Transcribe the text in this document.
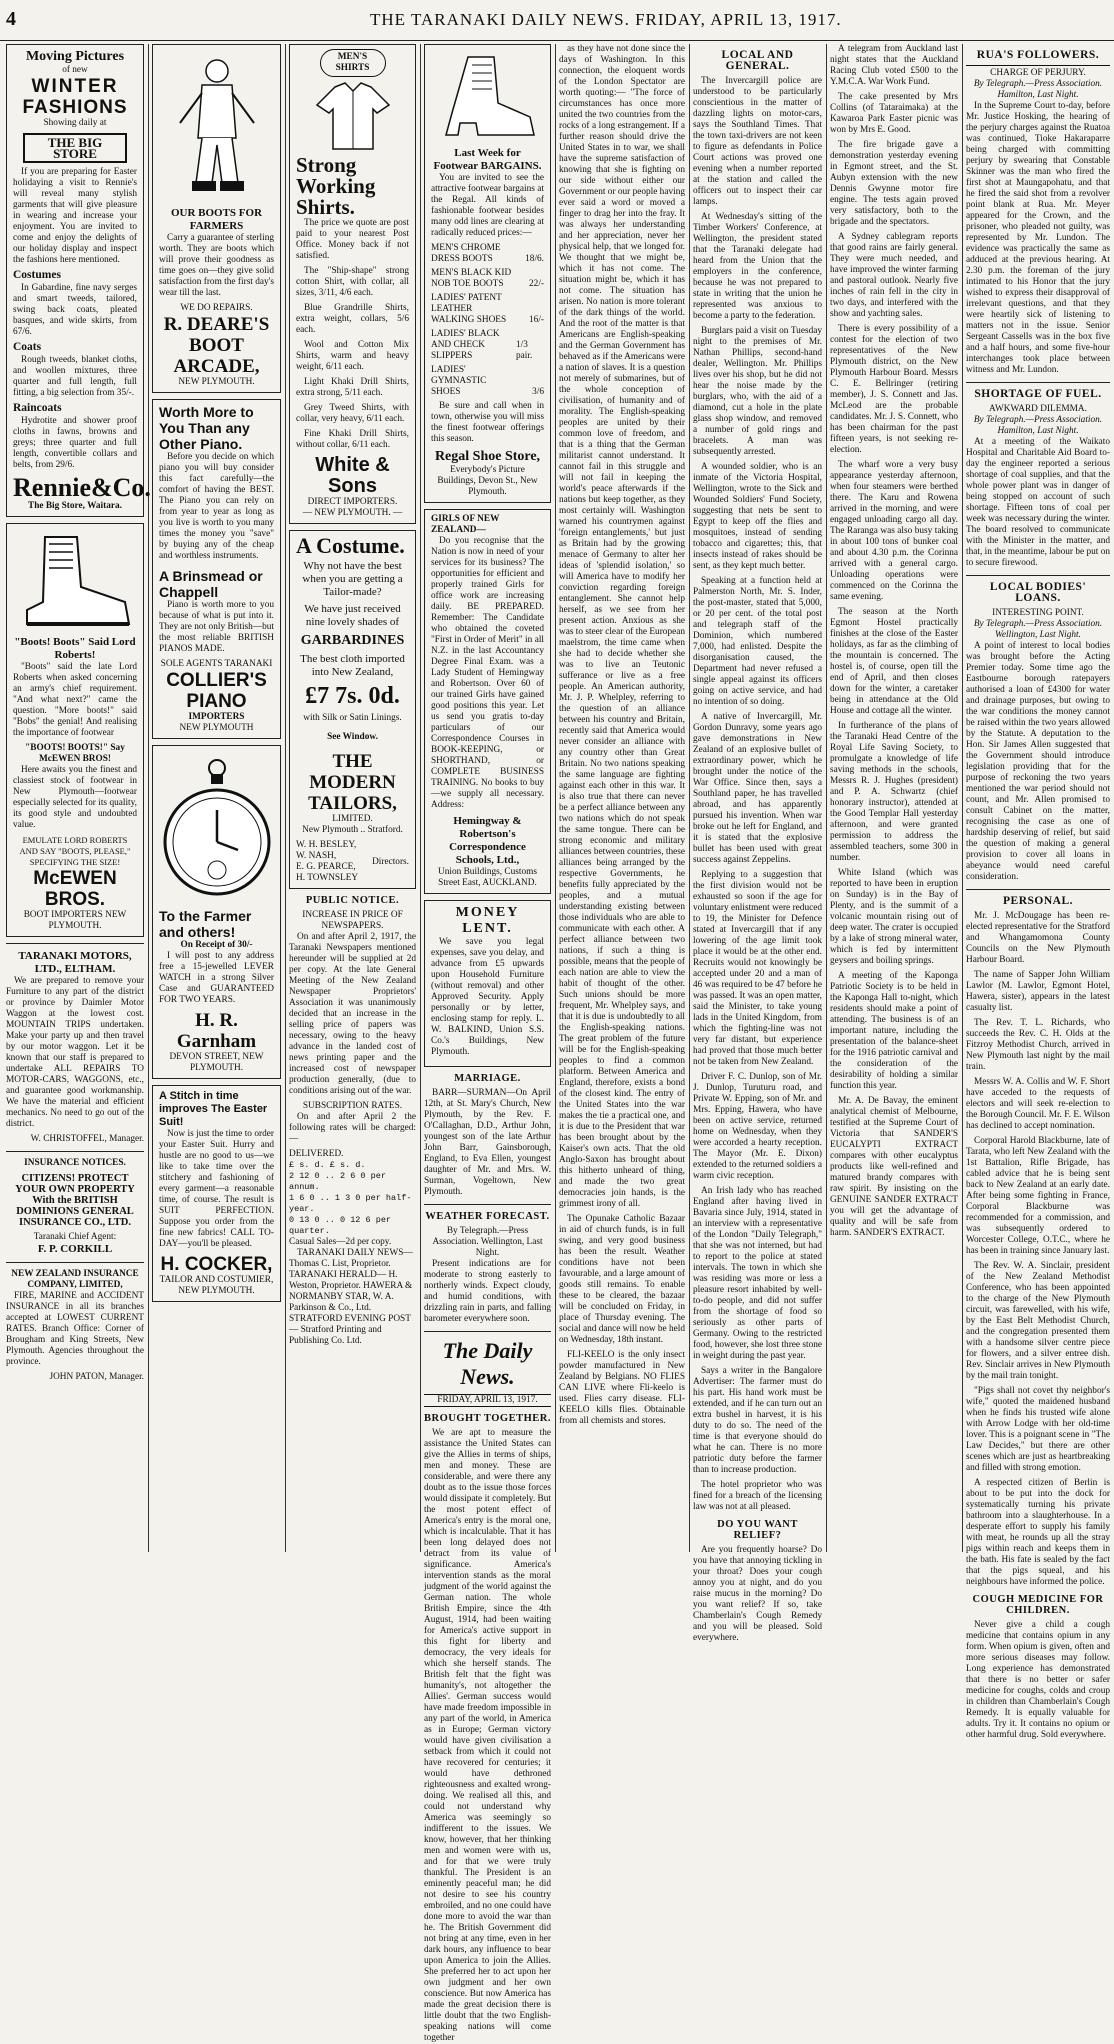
4	THE TARANAKI DAILY NEWS. FRIDAY, APRIL 13, 1917.
Moving Pictures
of new
WINTER
FASHIONS
Showing daily at
THE BIG STORE

If you are preparing for Easter holidaying a visit to Rennie's will reveal many stylish garments that will give pleasure in wearing and increase your enjoyment. You are invited to come and enjoy the delights of our holiday display and inspect the fashions here mentioned.

Costumes

In Gabardine, fine navy serges and smart tweeds, tailored, swing back coats, pleated basques, and wide skirts, from 67/6.

Coats

Rough tweeds, blanket cloths, and woollen mixtures, three quarter and full length, full fitting, a big selection from 35/-.

Raincoats

Hydrotite and shower proof cloths in fawns, browns and greys; three quarter and full length, convertible collars and belts, from 29/6.

Rennie&Co.
The Big Store, Waitara.
"Boots! Boots" Said Lord Roberts!

"Boots" said the late Lord Roberts when asked concerning an army's chief requirement. "And what next?" came the question. "More boots!" said "Bobs" the genial! And realising the importance of footwear

"BOOTS! BOOTS!" Say McEWEN BROS!

Here awaits you the finest and classiest stock of footwear in New Plymouth—footwear especially selected for its quality, its good style and undoubted value.

EMULATE LORD ROBERTS AND SAY "BOOTS, PLEASE," SPECIFYING THE SIZE!
McEWEN BROS.
BOOT IMPORTERS NEW PLYMOUTH.
TARANAKI MOTORS, LTD., ELTHAM.

We are prepared to remove your Furniture to any part of the district or province by Daimler Motor Waggon at the lowest cost. MOUNTAIN TRIPS undertaken. Make your party up and then travel by our motor waggon. Let it be known that our staff is prepared to undertake ALL REPAIRS TO MOTOR-CARS, WAGGONS, etc., and guarantee good workmanship. We have the material and efficient mechanics. No need to go out of the district.

W. CHRISTOFFEL, Manager.
INSURANCE NOTICES.
CITIZENS! PROTECT YOUR OWN PROPERTY With the BRITISH DOMINIONS GENERAL INSURANCE CO., LTD.
Taranaki Chief Agent:
F. P. CORKILL
NEW ZEALAND INSURANCE COMPANY, LIMITED,

FIRE, MARINE and ACCIDENT INSURANCE in all its branches accepted at LOWEST CURRENT RATES. Branch Office: Corner of Brougham and King Streets, New Plymouth. Agencies throughout the province.

JOHN PATON, Manager.
OUR BOOTS FOR FARMERS

Carry a guarantee of sterling worth. They are boots which will prove their goodness as time goes on—they give solid satisfaction from the first day's wear till the last.

WE DO REPAIRS.
R. DEARE'S BOOT ARCADE,
NEW PLYMOUTH.
Worth More to You Than any Other Piano.

Before you decide on which piano you will buy consider this fact carefully—the comfort of having the BEST. The Piano you can rely on from year to year as long as you live is worth to you many times the money you "save" by buying any of the cheap and worthless instruments.

A Brinsmead or Chappell

Piano is worth more to you because of what is put into it. They are not only British—but the most reliable BRITISH PIANOS MADE.

SOLE AGENTS TARANAKI
COLLIER'S PIANO
IMPORTERS
NEW PLYMOUTH
To the Farmer and others!
On Receipt of 30/-

I will post to any address free a 15-jewelled LEVER WATCH in a strong Silver Case and GUARANTEED FOR TWO YEARS.

H. R. Garnham
DEVON STREET, NEW PLYMOUTH.
A Stitch in time improves The Easter Suit!

Now is just the time to order your Easter Suit. Hurry and hustle are no good to us—we like to take time over the stitchery and fashioning of every garment—a reasonable time, of course. The result is SUIT PERFECTION. Suppose you order from the fine new fabrics! CALL TO-DAY—you'll be pleased.

H. COCKER,
TAILOR AND COSTUMIER, NEW PLYMOUTH.
MEN'S SHIRTS
Strong Working Shirts.

The price we quote are post paid to your nearest Post Office. Money back if not satisfied.

The "Ship-shape" strong cotton Shirt, with collar, all sizes, 3/11, 4/6 each.

Blue Grandrille Shirts, extra weight, collars, 5/6 each.

Wool and Cotton Mix Shirts, warm and heavy weight, 6/11 each.

Light Khaki Drill Shirts, extra strong, 5/11 each.

Grey Tweed Shirts, with collar, very heavy, 6/11 each.

Fine Khaki Drill Shirts, without collar, 6/11 each.

White & Sons
DIRECT IMPORTERS.
— NEW PLYMOUTH. —
A Costume.
Why not have the best when you are getting a Tailor-made?
We have just received nine lovely shades of
GARBARDINES
The best cloth imported into New Zealand,
£7 7s. 0d.
with Silk or Satin Linings.
See Window.
THE MODERN TAILORS,
LIMITED.
New Plymouth .. Stratford.
W. H. BESLEY,
W. NASH,
E. G. PEARCE,
H. TOWNSLEY
Directors.
PUBLIC NOTICE.
INCREASE IN PRICE OF NEWSPAPERS.

On and after April 2, 1917, the Taranaki Newspapers mentioned hereunder will be supplied at 2d per copy. At the late General Meeting of the New Zealand Newspaper Proprietors' Association it was unanimously decided that an increase in the selling price of papers was necessary, owing to the heavy advance in the landed cost of news printing paper and the increased cost of newspaper production generally, (due to conditions arising out of the war.

SUBSCRIPTION RATES.

On and after April 2 the following rates will be charged:—

DELIVERED.
£ s. d. £ s. d.
2 12 0 .. 2 6 0 per annum.
1 6 0 .. 1 3 0 per half-year.
0 13 0 .. 0 12 6 per quarter.
Casual Sales—2d per copy.

TARANAKI DAILY NEWS— Thomas C. List, Proprietor. TARANAKI HERALD— H. Weston, Proprietor. HAWERA & NORMANBY STAR, W. A. Parkinson & Co., Ltd. STRATFORD EVENING POST— Stratford Printing and Publishing Co. Ltd.

Last Week for Footwear BARGAINS.

You are invited to see the attractive footwear bargains at the Regal. All kinds of fashionable footwear besides many odd lines are clearing at radically reduced prices:—

MEN'S CHROME DRESS BOOTS	18/6.
MEN'S BLACK KID NOB TOE BOOTS	22/-
LADIES' PATENT LEATHER WALKING SHOES	16/-
LADIES' BLACK AND CHECK SLIPPERS
1/3 pair.
LADIES' GYMNASTIC SHOES	3/6

Be sure and call when in town, otherwise you will miss the finest footwear offerings this season.

Regal Shoe Store,
Everybody's Picture Buildings, Devon St., New Plymouth.
GIRLS OF NEW ZEALAND—

Do you recognise that the Nation is now in need of your services for its business? The opportunities for efficient and properly trained Girls for office work are increasing daily. BE PREPARED. Remember: The Candidate who obtained the coveted "First in Order of Merit" in all N.Z. in the last Accountancy Degree Final Exam. was a Lady Student of Hemingway and Robertson. Over 60 of our trained Girls have gained good positions this year. Let us send you gratis to-day particulars of our Correspondence Courses in BOOK-KEEPING, or SHORTHAND, or COMPLETE BUSINESS TRAINING. No books to buy—we supply all necessary. Address:

Hemingway & Robertson's Correspondence Schools, Ltd.,
Union Buildings, Customs Street East, AUCKLAND.
MONEY LENT.

We save you legal expenses, save you delay, and advance from £5 upwards upon Household Furniture (without removal) and other Approved Security. Apply personally or by letter, enclosing stamp for reply. L. W. BALKIND, Union S.S. Co.'s Buildings, New Plymouth.

MARRIAGE.

BARR—SURMAN—On April 12th, at St. Mary's Church, New Plymouth, by the Rev. F. O'Callaghan, D.D., Arthur John, youngest son of the late Arthur John Barr, Gainsborough, England, to Eva Ellen, youngest daughter of Mr. and Mrs. W. Surman, Vogeltown, New Plymouth.

WEATHER FORECAST.
By Telegraph.—Press Association. Wellington, Last Night.

Present indications are for moderate to strong easterly to northerly winds. Expect cloudy, and humid conditions, with drizzling rain in parts, and falling barometer everywhere soon.

The Daily News.
FRIDAY, APRIL 13, 1917.
BROUGHT TOGETHER.

We are apt to measure the assistance the United States can give the Allies in terms of ships, men and money. These are considerable, and were there any doubt as to the issue those forces would dissipate it completely. But the most potent effect of America's entry is the moral one, which is incalculable. That it has been long delayed does not detract from its value of significance. America's intervention stands as the moral judgment of the world against the German nation. The whole British Empire, since the 4th August, 1914, had been waiting for America's active support in this fight for liberty and democracy, the very ideals for which she herself stands. The British felt that the fight was humanity's, not altogether the Allies'. German success would have made freedom impossible in any part of the world, in America as in Europe; German victory would have given civilisation a setback from which it could not have recovered for centuries; it would have dethroned righteousness and exalted wrong-doing. We realised all this, and could not understand why America was seemingly so indifferent to the issues. We know, however, that her thinking men and women were with us, and for that we were truly thankful. The President is an eminently peaceful man; he did not desire to see his country embroiled, and no one could have done more to avoid the war than he. The British Government did not bring at any time, even in her dark hours, any influence to bear upon America to join the Allies. She preferred her to act upon her own judgment and her own conscience. But now America has made the great decision there is little doubt that the two English-speaking nations will come together

as they have not done since the days of Washington. In this connection, the eloquent words of the London Spectator are worth quoting:— "The force of circumstances has once more united the two countries from the rocks of a long estrangement. If a further reason should drive the United States in to war, we shall have the supreme satisfaction of knowing that she is fighting on our side without either our Government or our people having ever said a word or moved a finger to drag her into the fray. It was always her understanding and her appreciation, never her physical help, that we longed for. We thought that we might be, which it has not come. The situation might be, which it has not come. The situation has arisen. No nation is more tolerant of the dark things of the world. And the root of the matter is that Americans are English-speaking and the German Government has behaved as if the Americans were a nation of slaves. It is a question not merely of submarines, but of the whole conception of civilisation, of humanity and of morality. The English-speaking peoples are united by their common love of freedom, and that is a thing that the German militarist cannot understand. It cannot fail in this struggle and will not fail in keeping the world's peace afterwards if the nations but keep together, as they most certainly will. Washington warned his countrymen against 'foreign entanglements,' but just as Britain had by the growing menace of Germany to alter her ideas of 'splendid isolation,' so will America have to modify her conviction regarding foreign entanglement. She cannot help herself, as we see from her present action. Anxious as she was to steer clear of the European maelstrom, the time came when she had to decide whether she was to live an Teutonic sufferance or live as a free people. An American authority, Mr. J. P. Whelpley, referring to the question of an alliance between his country and Britain, recently said that America would never consider an alliance with any country other than Great Britain. No two nations speaking the same language are fighting against each other in this war. It is also true that there can never be a perfect alliance between any two nations which do not speak the same tongue. There can be strong economic and military alliances between countries, these alliances being arranged by the respective Governments, he benefits fully appreciated by the peoples, and a mutual understanding existing between those individuals who are able to communicate with each other. A perfect alliance between two nations, if such a thing is possible, means that the people of each nation are able to view the habit of thought of the other. Such unions should be more frequent, Mr. Whelpley says, and that it is due is undoubtedly to all the English-speaking nations. The great problem of the future will be for the English-speaking peoples to find a common platform. Between America and England, therefore, exists a bond of the closest kind. The entry of the United States into the war makes the tie a practical one, and it is due to the President that war has been brought about by the Kaiser's own acts. That the old Anglo-Saxon has brought about this hitherto unheard of thing, and made the two great democracies join hands, is the grimmest irony of all.

The Opunake Catholic Bazaar in aid of church funds, is in full swing, and very good business has been the result. Weather conditions have not been favourable, and a large amount of goods still remains. To enable these to be cleared, the bazaar will be concluded on Friday, in place of Thursday evening. The social and dance will now be held on Wednesday, 18th instant.

FLI-KEELO is the only insect powder manufactured in New Zealand by Belgians. NO FLIES CAN LIVE where Fli-keelo is used. Flies carry disease. FLI-KEELO kills flies. Obtainable from all chemists and stores.

LOCAL AND GENERAL.

The Invercargill police are understood to be particularly conscientious in the matter of dazzling lights on motor-cars, says the Southland Times. That the town taxi-drivers are not keen to figure as defendants in Police Court actions was proved one evening when a number reported at the station and called the officers out to inspect their car lamps.

At Wednesday's sitting of the Timber Workers' Conference, at Wellington, the president stated that the Taranaki delegate had heard from the Union that the employers in the conference, because he was not prepared to state in writing that the union he represented was anxious to become a party to the federation.

Burglars paid a visit on Tuesday night to the premises of Mr. Nathan Phillips, second-hand dealer, Wellington. Mr. Phillips lives over his shop, but he did not hear the noise made by the burglars, who, with the aid of a diamond, cut a hole in the plate glass shop window, and removed a number of gold rings and bracelets. A man was subsequently arrested.

A wounded soldier, who is an inmate of the Victoria Hospital, Wellington, wrote to the Sick and Wounded Soldiers' Fund Society, suggesting that nets be sent to Egypt to keep off the flies and mosquitoes, instead of sending tobacco and cigarettes; this, that insects instead of rakes should be sent, as they kept much better.

Speaking at a function held at Palmerston North, Mr. S. Inder, the post-master, stated that 5,000, or 20 per cent. of the total post and telegraph staff of the Dominion, which numbered 7,000, had enlisted. Despite the disorganisation caused, the Department had never refused a single appeal against its officers going on active service, and had no intention of so doing.

A native of Invercargill, Mr. Gordon Dunravy, some years ago gave demonstrations in New Zealand of an explosive bullet of extraordinary power, which he brought under the notice of the War Office. Since then, says a Southland paper, he has travelled abroad, and has apparently pursued his invention. When war broke out he left for England, and it is stated that the explosive bullet has been used with great success against Zeppelins.

Replying to a suggestion that the first division would not be exhausted so soon if the age for voluntary enlistment were reduced to 19, the Minister for Defence stated at Invercargill that if any lowering of the age limit took place it would be at the other end. Recruits would not knowingly be accepted under 20 and a man of 46 was required to be 47 before he was passed. It was an open matter, said the Minister, to take young lads in the United Kingdom, from which the fighting-line was not very far distant, but experience had proved that those much better not be taken from New Zealand.

Driver F. C. Dunlop, son of Mr. J. Dunlop, Turuturu road, and Private W. Epping, son of Mr. and Mrs. Epping, Hawera, who have been on active service, returned home on Wednesday, when they were accorded a hearty reception. The Mayor (Mr. E. Dixon) extended to the returned soldiers a warm civic reception.

An Irish lady who has reached England after having lived in Bavaria since July, 1914, stated in an interview with a representative of the London "Daily Telegraph," that she was not interned, but had to report to the police at stated intervals. The town in which she was residing was more or less a pleasure resort inhabited by well-to-do people, and did not suffer from the shortage of food so seriously as other parts of Germany. Owing to the restricted food, however, she lost three stone in weight during the past year.

Says a writer in the Bangalore Advertiser: The farmer must do his part. His hand work must be extended, and if he can turn out an extra bushel in harvest, it is his duty to do so. The need of the time is that everyone should do what he can. There is no more patriotic duty before the farmer than to increase production.

The hotel proprietor who was fined for a breach of the licensing law was not at all pleased.

DO YOU WANT RELIEF?

Are you frequently hoarse? Do you have that annoying tickling in your throat? Does your cough annoy you at night, and do you raise mucus in the morning? Do you want relief? If so, take Chamberlain's Cough Remedy and you will be pleased. Sold everywhere.

A telegram from Auckland last night states that the Auckland Racing Club voted £500 to the Y.M.C.A. War Work Fund.

The cake presented by Mrs Collins (of Tataraimaka) at the Kawaroa Park Easter picnic was won by Mrs E. Good.

The fire brigade gave a demonstration yesterday evening in Egmont street, and the St. Aubyn extension with the new Dennis Gwynne motor fire engine. The tests again proved very satisfactory, both to the brigade and the spectators.

A Sydney cablegram reports that good rains are fairly general. They were much needed, and have improved the winter farming and pastoral outlook. Nearly five inches of rain fell in the city in two days, and interfered with the show and yachting sales.

There is every possibility of a contest for the election of two representatives of the New Plymouth district, on the New Plymouth Harbour Board. Messrs C. E. Bellringer (retiring member), J. S. Connett and Jas. McLeod are the probable candidates. Mr. J. S. Connett, who has been chairman for the past fifteen years, is not seeking re-election.

The wharf wore a very busy appearance yesterday afternoon, when four steamers were berthed there. The Karu and Rowena arrived in the morning, and were engaged unloading cargo all day. The Raranga was also busy taking in about 100 tons of bunker coal and about 4.30 p.m. the Corinna arrived with a general cargo. Unloading operations were commenced on the Corinna the same evening.

The season at the North Egmont Hostel practically finishes at the close of the Easter holidays, as far as the climbing of the mountain is concerned. The hostel is, of course, open till the end of April, and then closes down for the winter, a caretaker being in attendance at the Old House and cottage all the winter.

In furtherance of the plans of the Taranaki Head Centre of the Royal Life Saving Society, to promulgate a knowledge of life saving methods in the schools, Messrs R. J. Hughes (president) and P. A. Schwartz (chief honorary instructor), attended at the Good Templar Hall yesterday afternoon, and were granted permission to address the assembled teachers, some 300 in number.

White Island (which was reported to have been in eruption on Sunday) is in the Bay of Plenty, and is the summit of a volcanic mountain rising out of deep water. The crater is occupied by a lake of strong mineral water, which is fed by intermittent geysers and boiling springs.

A meeting of the Kaponga Patriotic Society is to be held in the Kaponga Hall to-night, which residents should make a point of attending. The business is of an important nature, including the presentation of the balance-sheet for the 1916 patriotic carnival and the consideration of the desirability of holding a similar function this year.

Mr. A. De Bavay, the eminent analytical chemist of Melbourne, testified at the Supreme Court of Victoria that SANDER'S EUCALYPTI EXTRACT compares with other eucalyptus products like well-refined and matured brandy compares with raw spirit. By insisting on the GENUINE SANDER EXTRACT you will get the advantage of quality and will be safe from harm. SANDER'S EXTRACT.

RUA'S FOLLOWERS.
CHARGE OF PERJURY.
By Telegraph.—Press Association. Hamilton, Last Night.

In the Supreme Court to-day, before Mr. Justice Hosking, the hearing of the perjury charges against the Ruatoa was continued, Tioke Hakaraparre being charged with committing perjury by swearing that Constable Skinner was the man who fired the first shot at Maungapohatu, and that he fired the said shot from a revolver point blank at Rua. Mr. Meyer appeared for the Crown, and the prisoner, who pleaded not guilty, was represented by Mr. Lundon. The evidence was practically the same as adduced at the previous hearing. At 2.30 p.m. the foreman of the jury intimated to his Honor that the jury wished to express their disapproval of irrelevant questions, and that they were heartily sick of listening to matters not in the issue. Senior Sergeant Cassells was in the box five and a half hours, and some five-hour interchanges took place between witness and Mr. Lundon.

SHORTAGE OF FUEL.
AWKWARD DILEMMA.
By Telegraph.—Press Association. Hamilton, Last Night.

At a meeting of the Waikato Hospital and Charitable Aid Board to-day the engineer reported a serious shortage of coal supplies, and that the whole power plant was in danger of being stopped on account of such shortage. Fifteen tons of coal per week was necessary during the winter. The board resolved to communicate with the Minister in the matter, and that, in the meantime, labour be put on to secure firewood.

LOCAL BODIES' LOANS.
INTERESTING POINT.
By Telegraph.—Press Association. Wellington, Last Night.

A point of interest to local bodies was brought before the Acting Premier today. Some time ago the Eastbourne borough ratepayers authorised a loan of £4300 for water and drainage purposes, but owing to the war conditions the money cannot be raised within the two years allowed by the Statute. A deputation to the Hon. Sir James Allen suggested that the Government should introduce legislation providing that for the purpose of reckoning the two years mentioned the war period should not count, and Mr. Allen promised to consult Cabinet on the matter, recognising the case as one of hardship deserving of relief, but said the question of making a general provision to cover all loans in abeyance would need careful consideration.

PERSONAL.

Mr. J. McDougage has been re-elected representative for the Stratford and Whangamomona County Councils on the New Plymouth Harbour Board.

The name of Sapper John William Lawlor (M. Lawlor, Egmont Hotel, Hawera, sister), appears in the latest casualty list.

The Rev. T. L. Richards, who succeeds the Rev. C. H. Olds at the Fitzroy Methodist Church, arrived in New Plymouth last night by the mail train.

Messrs W. A. Collis and W. F. Short have acceded to the requests of electors and will seek re-election to the Borough Council. Mr. F. E. Wilson has declined to accept nomination.

Corporal Harold Blackburne, late of Tarata, who left New Zealand with the 1st Battalion, Rifle Brigade, has cabled advice that he is being sent back to New Zealand at an early date. After being some fighting in France, Corporal Blackburne was recommended for a commission, and was subsequently ordered to Worcester College, O.T.C., where he has been in training since January last.

The Rev. W. A. Sinclair, president of the New Zealand Methodist Conference, who has been appointed to the charge of the New Plymouth circuit, was farewelled, with his wife, by the East Belt Methodist Church, and the congregation presented them with a handsome silver centre piece for flowers, and a silver entree dish. Rev. Sinclair arrives in New Plymouth by the mail train tonight.

"Pigs shall not covet thy neighbor's wife," quoted the maidened husband when he finds his trusted wife alone with Arrow Lodge with her old-time lover. This is a poignant scene in "The Law Decides," but there are other scenes which are just as heartbreaking and filled with strong emotion.

A respected citizen of Berlin is about to be put into the dock for systematically turning his private bathroom into a slaughterhouse. In a desperate effort to supply his family with meat, he rounds up all the stray pigs within reach and keeps them in the bath. His fate is sealed by the fact that the pigs squeal, and his neighbours have informed the police.

COUGH MEDICINE FOR CHILDREN.

Never give a child a cough medicine that contains opium in any form. When opium is given, often and more serious diseases may follow. Long experience has demonstrated that there is no better or safer medicine for coughs, colds and croup in children than Chamberlain's Cough Remedy. It is equally valuable for adults. Try it. It contains no opium or other harmful drug. Sold everywhere.
